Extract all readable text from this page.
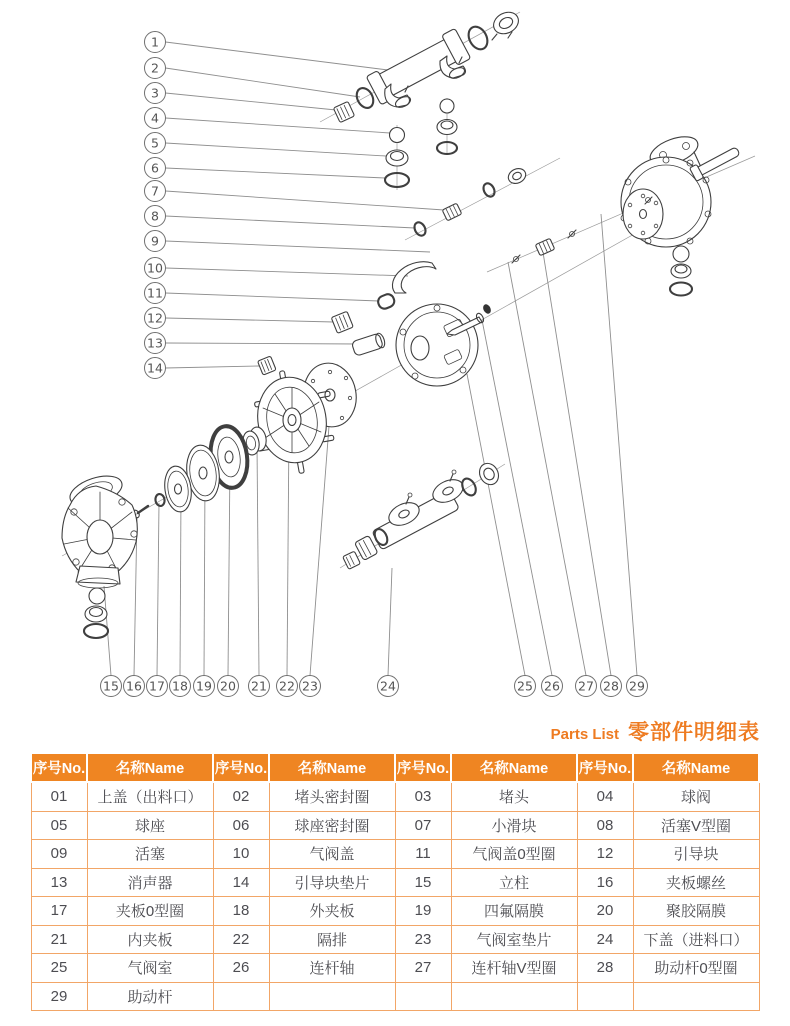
1
2
3
4
5
6
7
8
9
10
11
12
13
14
15 16 17 18 19 20 21 22 23	24	25 26 27 28 29
Parts List 零部件明细表
序号No.	名称Name	序号No.	名称Name	序号No.	名称Name	序号No.	名称Name
01	上盖（出料口）	02	堵头密封圈	03	堵头	04	球阀
05	球座	06	球座密封圈	07	小滑块	08	活塞V型圈
09	活塞	10	气阀盖	11	气阀盖0型圈	12	引导块
13	消声器	14	引导块垫片	15	立柱	16	夹板螺丝
17	夹板0型圈	18	外夹板	19	四氟隔膜	20	聚胶隔膜
21	内夹板	22	隔排	23	气阀室垫片	24	下盖（进料口）
25	气阀室	26	连杆轴	27	连杆轴V型圈	28	助动杆0型圈
29	助动杆						
